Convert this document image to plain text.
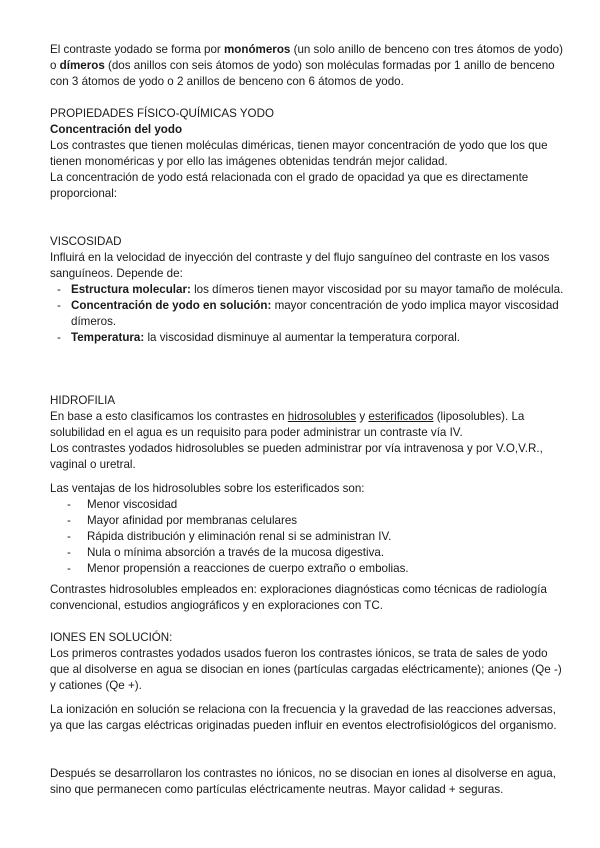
El contraste yodado se forma por monómeros (un solo anillo de benceno con tres átomos de yodo) o dímeros (dos anillos con seis átomos de yodo) son moléculas formadas por 1 anillo de benceno con 3 átomos de yodo o 2 anillos de benceno con 6 átomos de yodo.

PROPIEDADES FÍSICO-QUÍMICAS YODO

Concentración del yodo

Los contrastes que tienen moléculas diméricas, tienen mayor concentración de yodo que los que tienen monoméricas y por ello las imágenes obtenidas tendrán mejor calidad.

La concentración de yodo está relacionada con el grado de opacidad ya que es directamente proporcional:

VISCOSIDAD

Influirá en la velocidad de inyección del contraste y del flujo sanguíneo del contraste en los vasos sanguíneos. Depende de:

- Estructura molecular: los dímeros tienen mayor viscosidad por su mayor tamaño de molécula.
- Concentración de yodo en solución: mayor concentración de yodo implica mayor viscosidad dímeros.
- Temperatura: la viscosidad disminuye al aumentar la temperatura corporal.

HIDROFILIA

En base a esto clasificamos los contrastes en hidrosolubles y esterificados (liposolubles). La solubilidad en el agua es un requisito para poder administrar un contraste vía IV.

Los contrastes yodados hidrosolubles se pueden administrar por vía intravenosa y por V.O,V.R., vaginal o uretral.

Las ventajas de los hidrosolubles sobre los esterificados son:

- Menor viscosidad
- Mayor afinidad por membranas celulares
- Rápida distribución y eliminación renal si se administran IV.
- Nula o mínima absorción a través de la mucosa digestiva.
- Menor propensión a reacciones de cuerpo extraño o embolias.

Contrastes hidrosolubles empleados en: exploraciones diagnósticas como técnicas de radiología convencional, estudios angiográficos y en exploraciones con TC.

IONES EN SOLUCIÓN:

Los primeros contrastes yodados usados fueron los contrastes iónicos, se trata de sales de yodo que al disolverse en agua se disocian en iones (partículas cargadas eléctricamente); aniones (Qe -) y cationes (Qe +).

La ionización en solución se relaciona con la frecuencia y la gravedad de las reacciones adversas, ya que las cargas eléctricas originadas pueden influir en eventos electrofisiológicos del organismo.

Después se desarrollaron los contrastes no iónicos, no se disocian en iones al disolverse en agua, sino que permanecen como partículas eléctricamente neutras. Mayor calidad + seguras.
